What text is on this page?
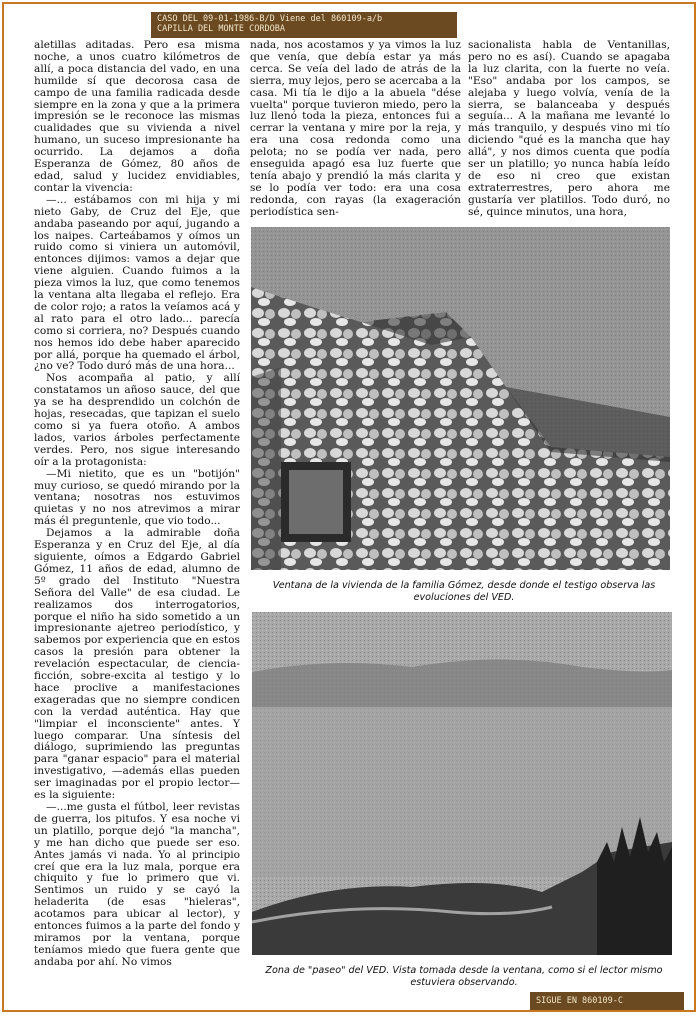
CASO DEL 09-01-1986-B/D Viene del 860109-a/b
CAPILLA DEL MONTE CORDOBA

aletillas aditadas. Pero esa misma noche, a unos cuatro kilómetros de allí, a poca distancia del vado, en una humilde sí que decorosa casa de campo de una familia radicada desde siempre en la zona y que a la primera impresión se le reconoce las mismas cualidades que su vivienda a nivel humano, un suceso impresionante ha ocurrido. La dejamos a doña Esperanza de Gómez, 80 años de edad, salud y lucidez envidiables, contar la vivencia:

—... estábamos con mi hija y mi nieto Gaby, de Cruz del Eje, que andaba paseando por aquí, jugando a los naipes. Carteábamos y oímos un ruido como si viniera un automóvil, entonces dijimos: vamos a dejar que viene alguien. Cuando fuimos a la pieza vimos la luz, que como tenemos la ventana alta llegaba el reflejo. Era de color rojo; a ratos la veíamos acá y al rato para el otro lado... parecía como si corriera, no? Después cuando nos hemos ido debe haber aparecido por allá, porque ha quemado el árbol, ¿no ve? Todo duró más de una hora...

Nos acompaña al patio, y allí constatamos un añoso sauce, del que ya se ha desprendido un colchón de hojas, resecadas, que tapizan el suelo como si ya fuera otoño. A ambos lados, varios árboles perfectamente verdes. Pero, nos sigue interesando oír a la protagonista:

—Mi nietito, que es un "botijón" muy curioso, se quedó mirando por la ventana; nosotras nos estuvimos quietas y no nos atrevimos a mirar más él preguntenle, que vio todo...

Dejamos a la admirable doña Esperanza y en Cruz del Eje, al día siguiente, oímos a Edgardo Gabriel Gómez, 11 años de edad, alumno de 5º grado del Instituto "Nuestra Señora del Valle" de esa ciudad. Le realizamos dos interrogatorios, porque el niño ha sido sometido a un impresionante ajetreo periodístico, y sabemos por experiencia que en estos casos la presión para obtener la revelación espectacular, de ciencia-ficción, sobre-excita al testigo y lo hace proclive a manifestaciones exageradas que no siempre condicen con la verdad auténtica. Hay que "limpiar el inconsciente" antes. Y luego comparar. Una síntesis del diálogo, suprimiendo las preguntas para "ganar espacio" para el material investigativo, —además ellas pueden ser imaginadas por el propio lector— es la siguiente:

—...me gusta el fútbol, leer revistas de guerra, los pitufos. Y esa noche vi un platillo, porque dejó "la mancha", y me han dicho que puede ser eso. Antes jamás vi nada. Yo al principio creí que era la luz mala, porque era chiquito y fue lo primero que vi. Sentimos un ruido y se cayó la heladerita (de esas "hieleras", acotamos para ubicar al lector), y entonces fuimos a la parte del fondo y miramos por la ventana, porque teníamos miedo que fuera gente que andaba por ahí. No vimos

nada, nos acostamos y ya vimos la luz que venía, que debía estar ya más cerca. Se veía del lado de atrás de la sierra, muy lejos, pero se acercaba a la casa. Mi tía le dijo a la abuela "dése vuelta" porque tuvieron miedo, pero la luz llenó toda la pieza, entonces fui a cerrar la ventana y mire por la reja, y era una cosa redonda como una pelota; no se podía ver nada, pero enseguida apagó esa luz fuerte que tenía abajo y prendió la más clarita y se lo podía ver todo: era una cosa redonda, con rayas (la exageración periodística sen-

sacionalista habla de Ventanillas, pero no es así). Cuando se apagaba la luz clarita, con la fuerte no veía. "Eso" andaba por los campos, se alejaba y luego volvía, venía de la sierra, se balanceaba y después seguía... A la mañana me levanté lo más tranquilo, y después vino mi tío diciendo "qué es la mancha que hay allá", y nos dimos cuenta que podía ser un platillo; yo nunca había leído de eso ni creo que existan extraterrestres, pero ahora me gustaría ver platillos. Todo duró, no sé, quince minutos, una hora,

Ventana de la vivienda de la familia Gómez, desde donde el testigo observa las evoluciones del VED.
Zona de "paseo" del VED. Vista tomada desde la ventana, como si el lector mismo estuviera observando.
SIGUE EN 860109-C
